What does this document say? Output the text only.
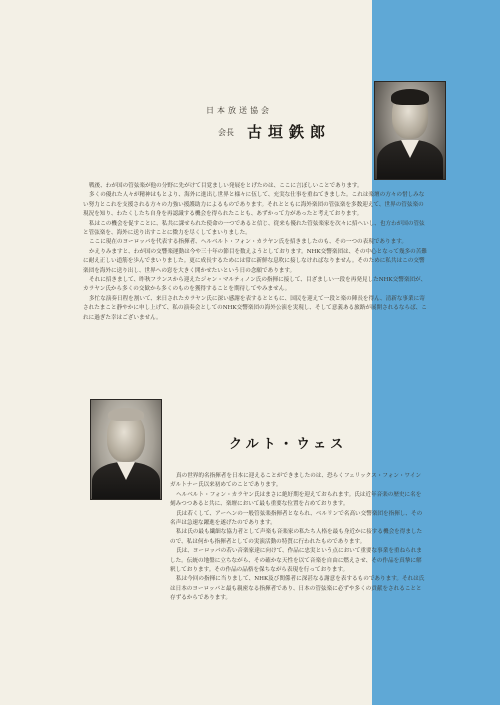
日本放送協会
会長 古垣鉄郎

戦後、わが国の管弦楽が他の分野に先がけて目覚ましい発展をとげたのは、ここに言ぼしいことであります。

多くの優れた人々が精神はもとより、海外に進出し世界と様々に伍して、充実な仕事を重ねてきました。これは楽壇の方々の惜しみない努力とこれを支援される方々の力強い援護助力によるものであります。それとともに海外楽団の管弦楽を多数迎えて、世界の管弦楽の現況を知り、わたくしたち自身を再認識する機会を得られたことも、あずかって力があったと考えております。

私はこの機会を促すことに、私共に課せられた使命の一つであると信じ、従来も優れた管弦楽家を次々に招へいし、也方わが国の管弦と管弦楽を、海外に送り出すことに微力を尽くしてまいりました。

ここに現在のヨーロッパを代表する指揮者、ヘルベルト・フォン・カラヤン氏を招きましたのも、その一つの表現であります。

かえりみますと、わが国の交響楽運動は今や三十年の節目を数えようとしております。NHK交響楽団は、その中心となって幾多の苦難に耐え正しい道筋を歩んでまいりました。更に成長するためには常に新鮮な息吹に接しなければなりません。そのために私共はこの交響楽団を海外に送り出し、世界への窓を大きく開かせたいという日の念願であります。

それに招きまして、昨秋フランスから迎えたジャン・マルティノン氏の指揮に接して、目ざましい一段を再発見したNHK交響楽団が、カラヤン氏から多くの交歓から多くのものを獲得することを期待してやみません。

多忙な演奏日程を割いて、来日されたカラヤン氏に深い感謝を表するとともに、国民を迎えて一段と楽の陣長を得ん、清新な事業に寄されたまこと静やかに申し上げて、私の演奏会としてのNHK交響楽団の海外公演を実現し、そして意義ある旅路が展開されるならば、これに過ぎた幸はございません。

クルト・ウェス

真の世界的名指揮者を日本に迎えることができましたのは、恐らくフェリックス・フォン・ワインガルトナー氏以来初めてのことであります。

ヘルベルト・フォン・カラヤン氏はまさに絶好期を迎えておられます。氏は近年音楽の歴史に名を刻みつつあると共に、楽壇において最も重要な位置を占めております。

氏は若くして、アーヘンの一般管弦楽指揮者となられ、ベルリンで名高い交響楽団を指揮し、その名声は急速な躍進を遂げたのであります。

私は氏の最も繊細な協力者として声楽も音楽家の私たち人格を最も身近かに接する機会を得ましたので、私は何かも指揮者としての実演活動の特質に行われたものであります。

氏は、ヨーロッパの若い音楽家達に向けて、作品に忠実という点において重要な事業を重ねられました。伝統の地盤に立ちながら、その確かな天性を以て音楽を自由に燃えさせ、その作品を真摯に解釈しております。その作品の品格を保ちながら表現を行っております。

私は今回の指揮に当りまして、NHK及び関係者に深甚なる謝意を表するものであります。それは氏は日本のヨーロッパと最も親密なる指揮者であり、日本の管弦楽に必ずや多くの貢献をされることと存ずるからであります。
